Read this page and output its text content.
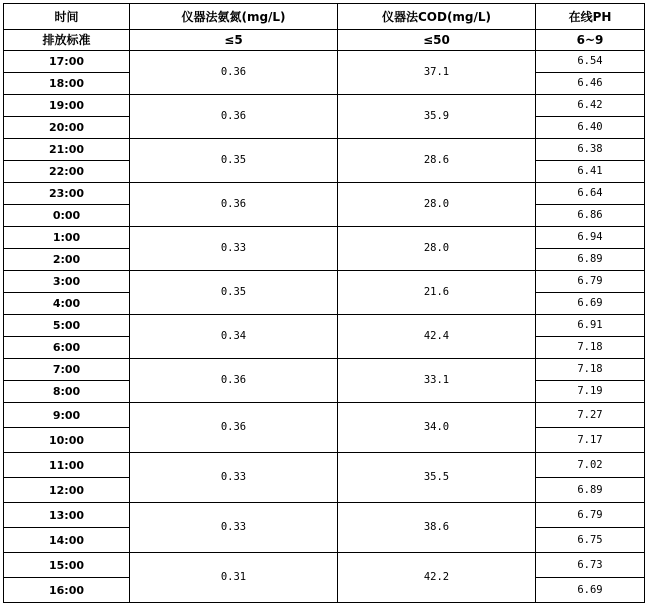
时间	仪器法氨氮(mg/L)	仪器法COD(mg/L)	在线PH
排放标准	≤5	≤50	6~9
17:00	0.36	37.1	6.54
18:00			6.46
19:00	0.36	35.9	6.42
20:00			6.40
21:00	0.35	28.6	6.38
22:00			6.41
23:00	0.36	28.0	6.64
0:00			6.86
1:00	0.33	28.0	6.94
2:00			6.89
3:00	0.35	21.6	6.79
4:00			6.69
5:00	0.34	42.4	6.91
6:00			7.18
7:00	0.36	33.1	7.18
8:00			7.19
9:00	0.36	34.0	7.27
10:00			7.17
11:00	0.33	35.5	7.02
12:00			6.89
13:00	0.33	38.6	6.79
14:00			6.75
15:00	0.31	42.2	6.73
16:00			6.69
